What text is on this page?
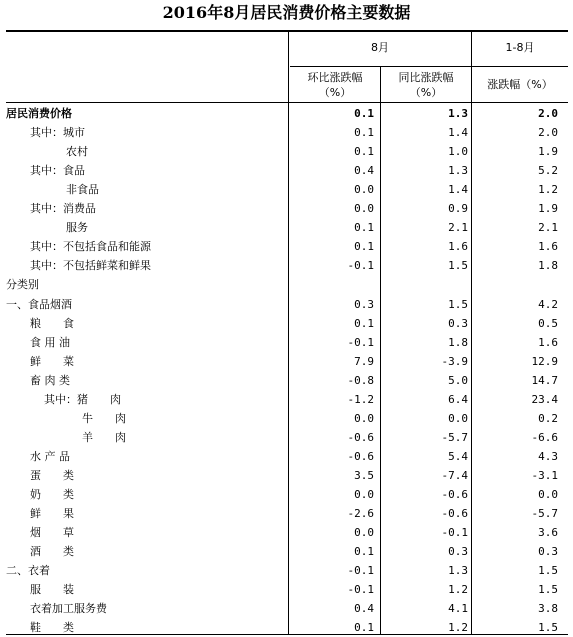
2016年8月居民消费价格主要数据
8月	1-8月
环比涨跌幅
（%）
同比涨跌幅
（%）
涨跌幅（%）
居民消费价格	0.1	1.3	2.0
其中：城市	0.1	1.4	2.0
农村	0.1	1.0	1.9
其中：食品	0.4	1.3	5.2
非食品	0.0	1.4	1.2
其中：消费品	0.0	0.9	1.9
服务	0.1	2.1	2.1
其中：不包括食品和能源	0.1	1.6	1.6
其中：不包括鲜菜和鲜果	-0.1	1.5	1.8
分类别
一、食品烟酒	0.3	1.5	4.2
粮　　食	0.1	0.3	0.5
食 用 油	-0.1	1.8	1.6
鲜　　菜	7.9	-3.9	12.9
畜 肉 类	-0.8	5.0	14.7
其中：猪　　肉	-1.2	6.4	23.4
牛　　肉	0.0	0.0	0.2
羊　　肉	-0.6	-5.7	-6.6
水 产 品	-0.6	5.4	4.3
蛋　　类	3.5	-7.4	-3.1
奶　　类	0.0	-0.6	0.0
鲜　　果	-2.6	-0.6	-5.7
烟　　草	0.0	-0.1	3.6
酒　　类	0.1	0.3	0.3
二、衣着	-0.1	1.3	1.5
服　　装	-0.1	1.2	1.5
衣着加工服务费	0.4	4.1	3.8
鞋　　类	0.1	1.2	1.5
